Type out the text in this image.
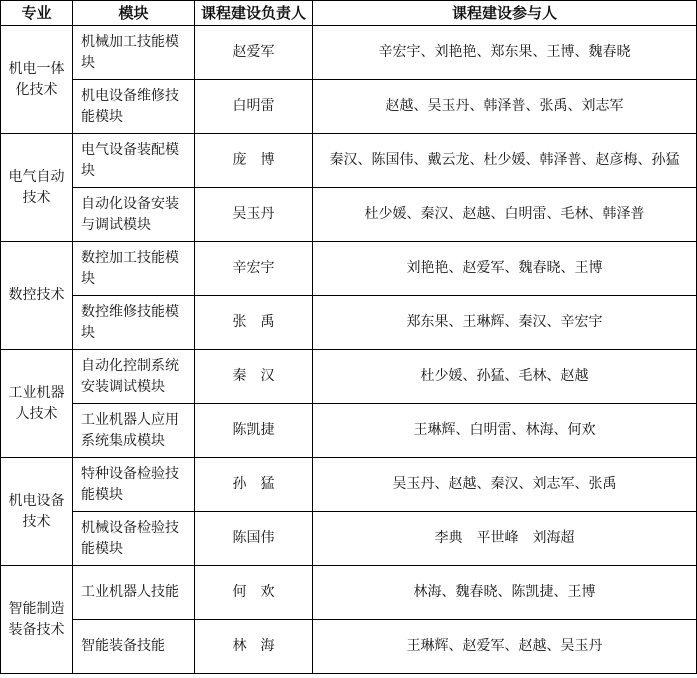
专业	模块	课程建设负责人	课程建设参与人
机电一体化技术	机械加工技能模块	赵爱军	辛宏宇、刘艳艳、郑东果、王博、魏春晓
	机电设备维修技能模块	白明雷	赵越、吴玉丹、韩泽普、张禹、刘志军
电气自动技术	电气设备装配模块	庞　博	秦汉、陈国伟、戴云龙、杜少媛、韩泽普、赵彦梅、孙猛
	自动化设备安装与调试模块	吴玉丹	杜少媛、秦汉、赵越、白明雷、毛林、韩泽普
数控技术	数控加工技能模块	辛宏宇	刘艳艳、赵爱军、魏春晓、王博
	数控维修技能模块	张　禹	郑东果、王琳辉、秦汉、辛宏宇
工业机器人技术	自动化控制系统安装调试模块	秦　汉	杜少媛、孙猛、毛林、赵越
	工业机器人应用系统集成模块	陈凯捷	王琳辉、白明雷、林海、何欢
机电设备技术	特种设备检验技能模块	孙　猛	吴玉丹、赵越、秦汉、刘志军、张禹
	机械设备检验技能模块	陈国伟	李典　平世峰　刘海超
智能制造装备技术	工业机器人技能	何　欢	林海、魏春晓、陈凯捷、王博
	智能装备技能	林　海	王琳辉、赵爱军、赵越、吴玉丹
